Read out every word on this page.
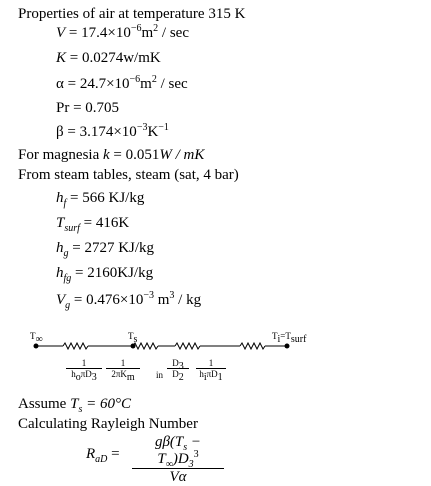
Properties of air at temperature 315 K
$V = 17.4\times 10^{-6}m^2 / \sec$
K = 0.0274w/mK
$\alpha = 24.7\times 10^{-6}m^2 / \sec$
Pr = 0.705
$\beta = 3.174\times 10^{-3}K^{-1}$
For magnesia k = 0.051W / mK
From steam tables, steam (sat, 4 bar)
$h_f = 566$ KJ/kg
$T_{surf} = 416K$
$h_g = 2727$ KJ/kg
$h_{fg} = 2160KJ/kg$
$V_g = 0.476\times 10^{-3}$ $m^3$ / kg
$T_\infty$	$T_s$	$T_i=T_{surf}$
1
$h_o\pi D_3$
1
$2\pi K_m$	in $\frac{D_3}{D_2}$	1
$h_i\pi D_1$
Assume $T_s = 60^\circ C$
Calculating Rayleigh Number
$R_{aD} = \frac{g\beta(T_s - T_\infty)D_3^3}{V\alpha}$
